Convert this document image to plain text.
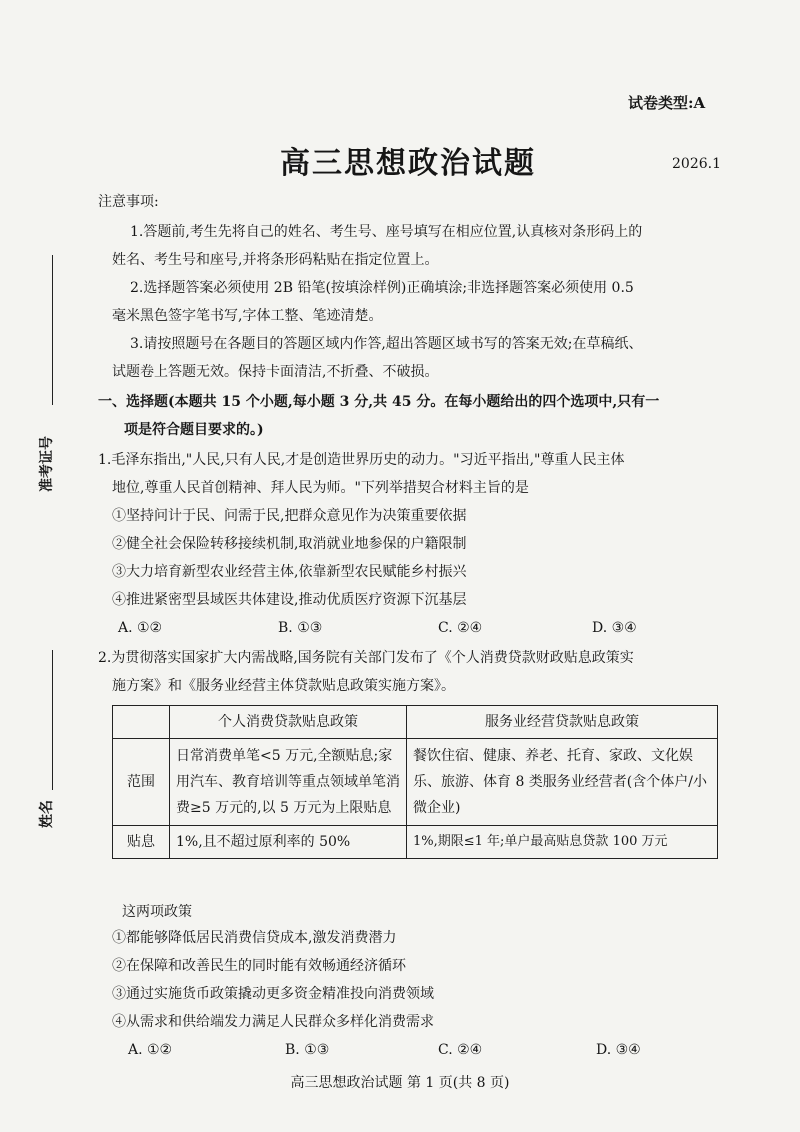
试卷类型:A
高三思想政治试题	2026.1
准考证号
姓名
注意事项:
1.答题前,考生先将自己的姓名、考生号、座号填写在相应位置,认真核对条形码上的
姓名、考生号和座号,并将条形码粘贴在指定位置上。
2.选择题答案必须使用 2B 铅笔(按填涂样例)正确填涂;非选择题答案必须使用 0.5
毫米黑色签字笔书写,字体工整、笔迹清楚。
3.请按照题号在各题目的答题区域内作答,超出答题区域书写的答案无效;在草稿纸、
试题卷上答题无效。保持卡面清洁,不折叠、不破损。
一、选择题(本题共 15 个小题,每小题 3 分,共 45 分。在每小题给出的四个选项中,只有一
项是符合题目要求的。)
1.毛泽东指出,"人民,只有人民,才是创造世界历史的动力。"习近平指出,"尊重人民主体
地位,尊重人民首创精神、拜人民为师。"下列举措契合材料主旨的是
①坚持问计于民、问需于民,把群众意见作为决策重要依据
②健全社会保险转移接续机制,取消就业地参保的户籍限制
③大力培育新型农业经营主体,依靠新型农民赋能乡村振兴
④推进紧密型县域医共体建设,推动优质医疗资源下沉基层
A. ①②	B. ①③	C. ②④	D. ③④
2.为贯彻落实国家扩大内需战略,国务院有关部门发布了《个人消费贷款财政贴息政策实
施方案》和《服务业经营主体贷款贴息政策实施方案》。
	个人消费贷款贴息政策	服务业经营贷款贴息政策
范围	日常消费单笔<5 万元,全额贴息;家用汽车、教育培训等重点领域单笔消费≥5 万元的,以 5 万元为上限贴息	餐饮住宿、健康、养老、托育、家政、文化娱乐、旅游、体育 8 类服务业经营者(含个体户/小微企业)
贴息	1%,且不超过原利率的 50%	1%,期限≤1 年;单户最高贴息贷款 100 万元
这两项政策
①都能够降低居民消费信贷成本,激发消费潜力
②在保障和改善民生的同时能有效畅通经济循环
③通过实施货币政策撬动更多资金精准投向消费领域
④从需求和供给端发力满足人民群众多样化消费需求
A. ①②	B. ①③	C. ②④	D. ③④
高三思想政治试题 第 1 页(共 8 页)
